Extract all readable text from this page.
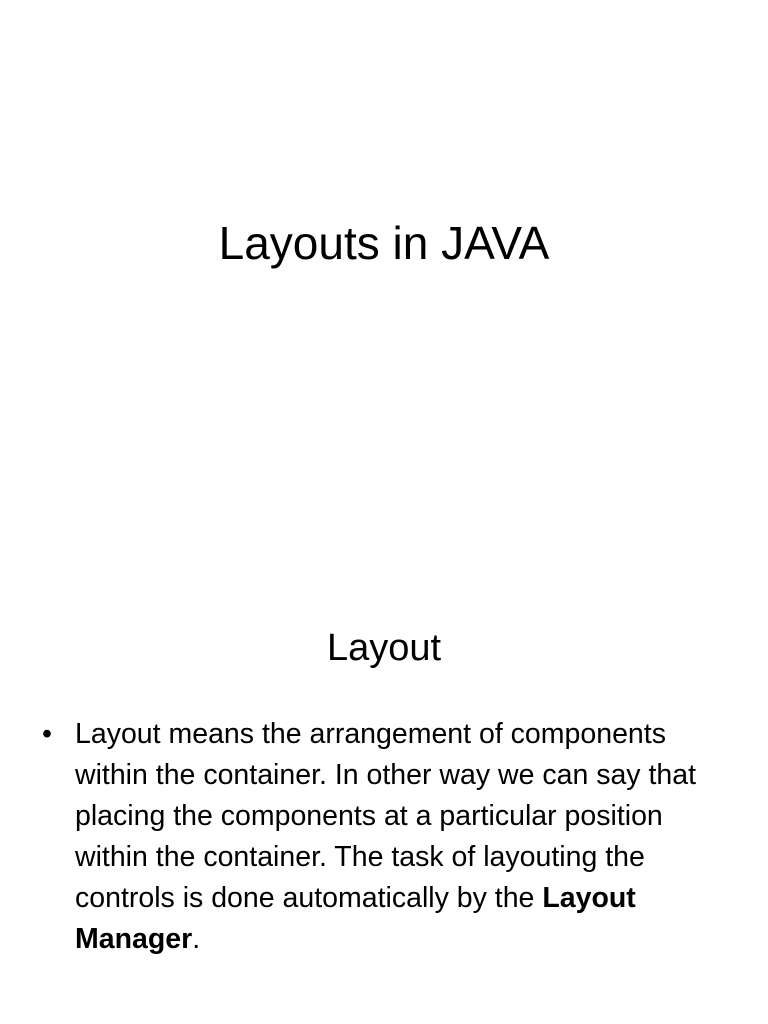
Layouts in JAVA
Layout
• Layout means the arrangement of components within the container. In other way we can say that placing the components at a particular position within the container. The task of layouting the controls is done automatically by the Layout Manager.
